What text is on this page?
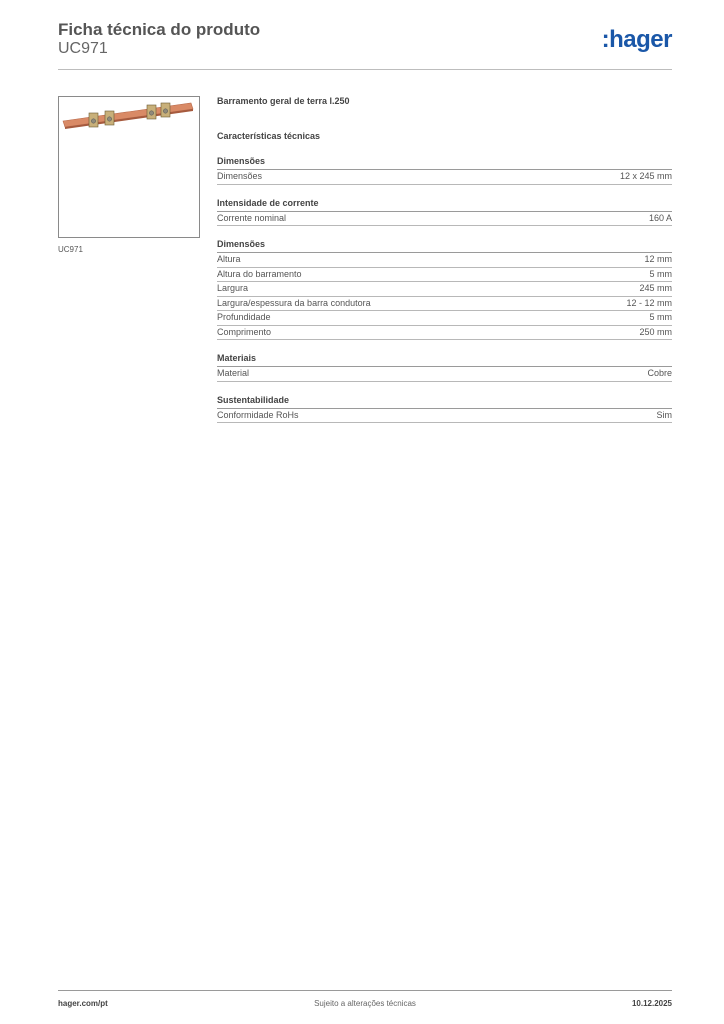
Ficha técnica do produto
UC971	:hager
UC971
Barramento geral de terra l.250
Características técnicas
Dimensões
Dimensões	12 x 245 mm
Intensidade de corrente
Corrente nominal	160 A
Dimensões
Altura	12 mm
Altura do barramento	5 mm
Largura	245 mm
Largura/espessura da barra condutora	12 - 12 mm
Profundidade	5 mm
Comprimento	250 mm
Materiais
Material	Cobre
Sustentabilidade
Conformidade RoHs	Sim
hager.com/pt	Sujeito a alterações técnicas	10.12.2025
